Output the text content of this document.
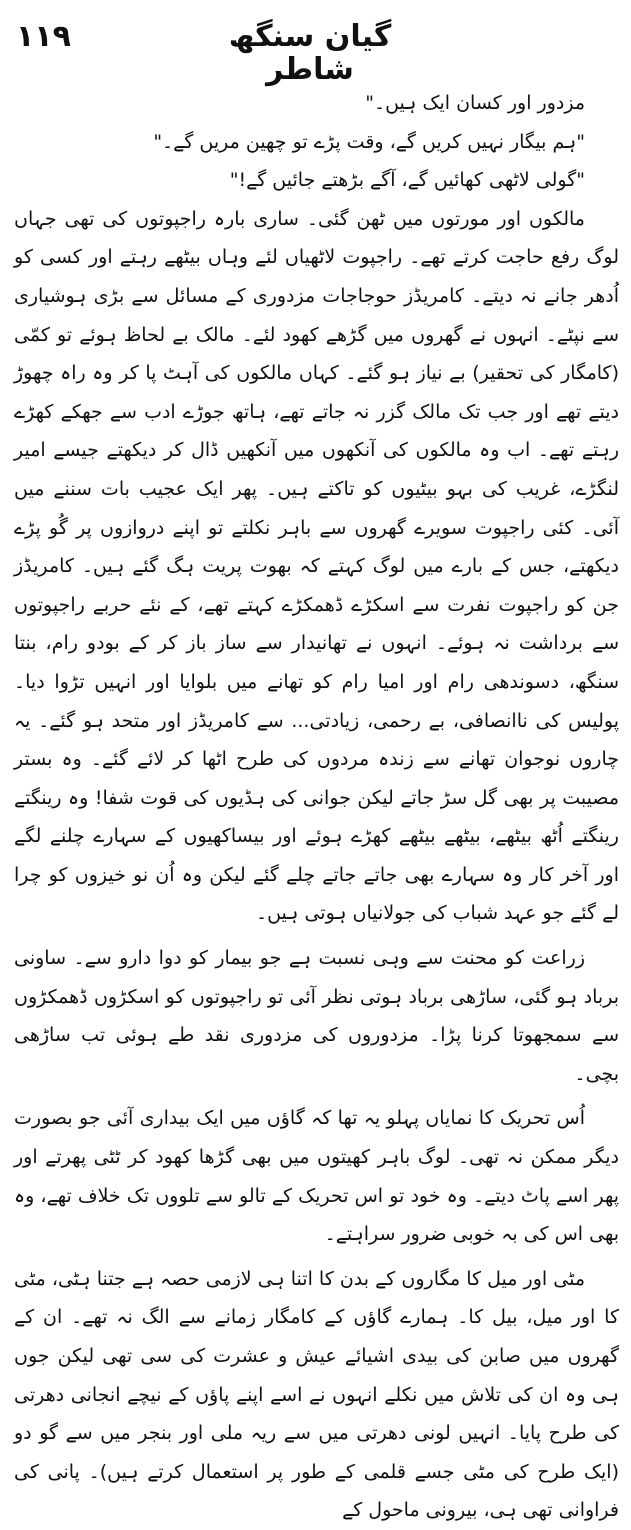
١١٩	گیان سنگھ شاطر

مزدور اور کسان ایک ہیں۔"

"ہم بیگار نہیں کریں گے، وقت پڑے تو چھین مریں گے۔"

"گولی لاٹھی کھائیں گے، آگے بڑھتے جائیں گے!"

مالکوں اور مورتوں میں ٹھن گئی۔ ساری بارہ راجپوتوں کی تھی جہاں لوگ رفع حاجت کرتے تھے۔ راجپوت لاٹھیاں لئے وہاں بیٹھے رہتے اور کسی کو اُدھر جانے نہ دیتے۔ کامریڈز حوجاجات مزدوری کے مسائل سے بڑی ہوشیاری سے نپٹے۔ انہوں نے گھروں میں گڑھے کھود لئے۔ مالک بے لحاظ ہوئے تو کمّی (کامگار کی تحقیر) بے نیاز ہو گئے۔ کہاں مالکوں کی آہٹ پا کر وہ راہ چھوڑ دیتے تھے اور جب تک مالک گزر نہ جاتے تھے، ہاتھ جوڑے ادب سے جھکے کھڑے رہتے تھے۔ اب وہ مالکوں کی آنکھوں میں آنکھیں ڈال کر دیکھتے جیسے امیر لنگڑے، غریب کی بہو بیٹیوں کو تاکتے ہیں۔ پھر ایک عجیب بات سننے میں آئی۔ کئی راجپوت سویرے گھروں سے باہر نکلتے تو اپنے دروازوں پر گُو پڑے دیکھتے، جس کے بارے میں لوگ کہتے کہ بھوت پریت ہگ گئے ہیں۔ کامریڈز جن کو راجپوت نفرت سے اسکڑے ڈھمکڑے کہتے تھے، کے نئے حربے راجپوتوں سے برداشت نہ ہوئے۔ انہوں نے تھانیدار سے ساز باز کر کے بودو رام، بنتا سنگھ، دسوندھی رام اور امیا رام کو تھانے میں بلوایا اور انہیں تڑوا دیا۔ پولیس کی ناانصافی، بے رحمی، زیادتی... سے کامریڈز اور متحد ہو گئے۔ یہ چاروں نوجوان تھانے سے زندہ مردوں کی طرح اٹھا کر لائے گئے۔ وہ بستر مصیبت پر بھی گل سڑ جاتے لیکن جوانی کی ہڈیوں کی قوت شفا! وہ رینگتے رینگتے اُٹھ بیٹھے، بیٹھے بیٹھے کھڑے ہوئے اور بیساکھیوں کے سہارے چلنے لگے اور آخر کار وہ سہارے بھی جاتے جاتے چلے گئے لیکن وہ اُن نو خیزوں کو چرا لے گئے جو عہد شباب کی جولانیاں ہوتی ہیں۔

زراعت کو محنت سے وہی نسبت ہے جو بیمار کو دوا دارو سے۔ ساونی برباد ہو گئی، ساڑھی برباد ہوتی نظر آئی تو راجپوتوں کو اسکڑوں ڈھمکڑوں سے سمجھوتا کرنا پڑا۔ مزدوروں کی مزدوری نقد طے ہوئی تب ساڑھی بچی۔

اُس تحریک کا نمایاں پہلو یہ تھا کہ گاؤں میں ایک بیداری آئی جو بصورت دیگر ممکن نہ تھی۔ لوگ باہر کھیتوں میں بھی گڑھا کھود کر ٹٹی پھرتے اور پھر اسے پاٹ دیتے۔ وہ خود تو اس تحریک کے تالو سے تلووں تک خلاف تھے، وہ بھی اس کی بہ خوبی ضرور سراہتے۔

مٹی اور میل کا مگاروں کے بدن کا اتنا ہی لازمی حصہ ہے جتنا ہٹی، مٹی کا اور میل، بیل کا۔ ہمارے گاؤں کے کامگار زمانے سے الگ نہ تھے۔ ان کے گھروں میں صابن کی بیدی اشیائے عیش و عشرت کی سی تھی لیکن جوں ہی وہ ان کی تلاش میں نکلے انہوں نے اسے اپنے پاؤں کے نیچے انجانی دھرتی کی طرح پایا۔ انہیں لونی دھرتی میں سے ریہ ملی اور بنجر میں سے گو دو (ایک طرح کی مٹی جسے قلمی کے طور پر استعمال کرتے ہیں)۔ پانی کی فراوانی تھی ہی، بیرونی ماحول کے
